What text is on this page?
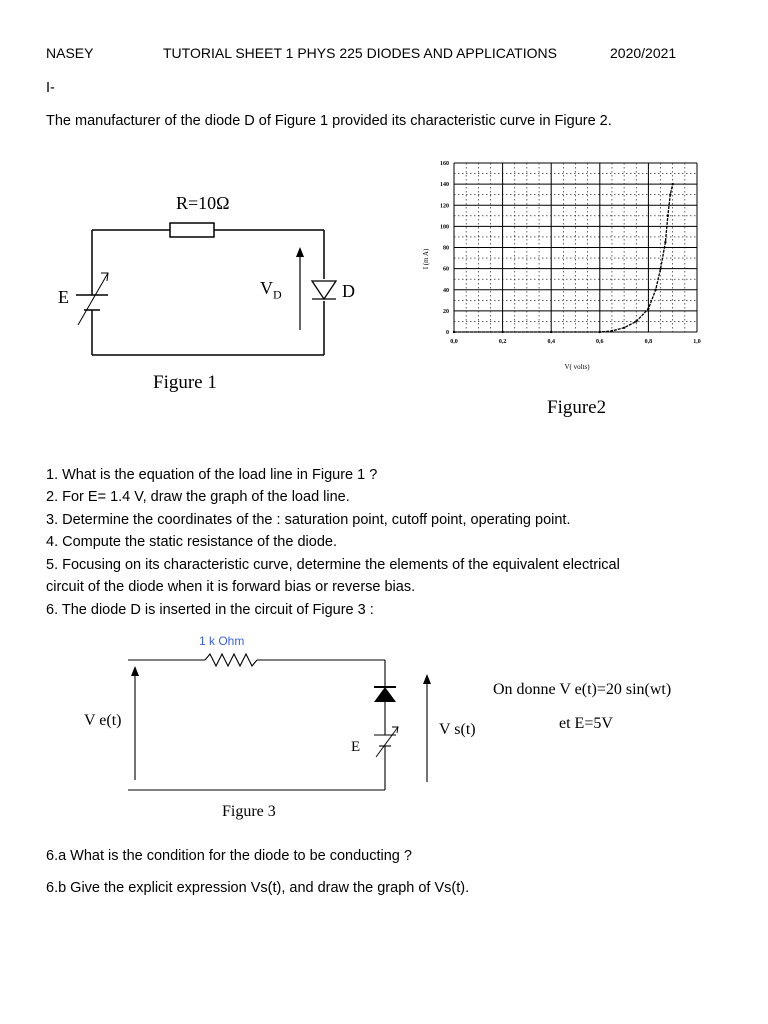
NASEY	TUTORIAL SHEET 1 PHYS 225 DIODES AND APPLICATIONS	2020/2021
I-
The manufacturer of the diode D of Figure 1 provided its characteristic curve in Figure 2.
R=10Ω
E	$V_D$	D
Figure 1
160
140
120
100
80
60
40
20
0
0,0	0,2	0,4	0,6	0,8	1,0
I (m A)
V( volts)
Figure2
1. What is the equation of the load line in Figure 1 ?
2. For E= 1.4 V, draw the graph of the load line.
3. Determine the coordinates of the : saturation point, cutoff point, operating point.
4. Compute the static resistance of the diode.
5. Focusing on its characteristic curve, determine the elements of the equivalent electrical
circuit of the diode when it is forward bias or reverse bias.
6. The diode D is inserted in the circuit of Figure 3 :
1 k Ohm
V e(t)
V s(t)
E
Figure 3
On donne V e(t)=20 sin(wt)
et E=5V
6.a What is the condition for the diode to be conducting ?
6.b Give the explicit expression Vs(t), and draw the graph of Vs(t).
